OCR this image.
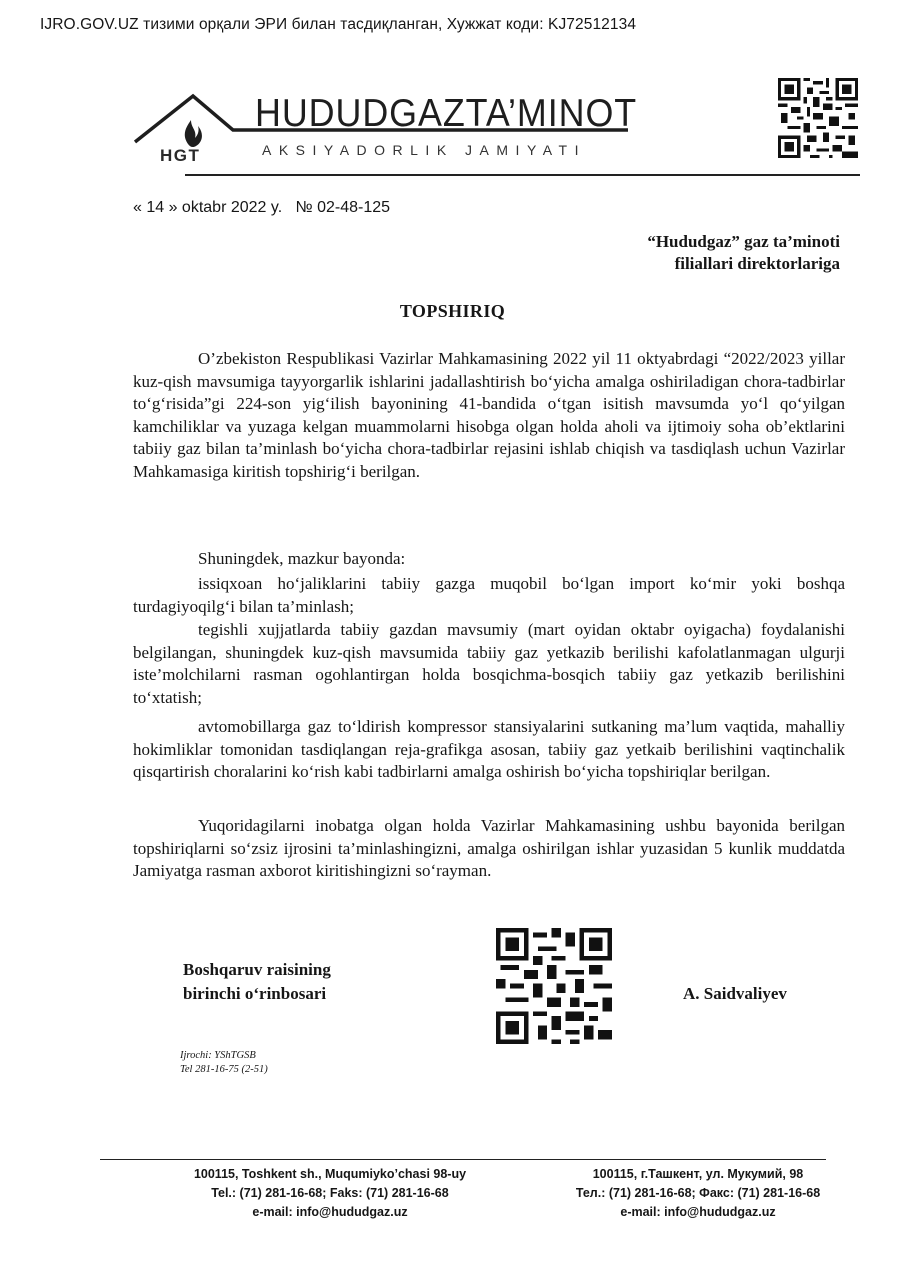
IJRO.GOV.UZ тизими орқали ЭРИ билан тасдиқланган, Хужжат коди: KJ72512134
HUDUDGAZTA’MINOT
AKSIYADORLIK JAMIYATI
HGT
« 14 » oktabr 2022 y.   № 02-48-125
“Hududgaz” gaz ta’minoti
filiallari direktorlariga
TOPSHIRIQ
O’zbekiston Respublikasi Vazirlar Mahkamasining 2022 yil 11 oktyabrdagi “2022/2023 yillar kuz-qish mavsumiga tayyorgarlik ishlarini jadallashtirish bo‘yicha amalga oshiriladigan chora-tadbirlar to‘g‘risida”gi 224-son yig‘ilish bayonining 41-bandida o‘tgan isitish mavsumda yo‘l qo‘yilgan kamchiliklar va yuzaga kelgan muammolarni hisobga olgan holda aholi va ijtimoiy soha ob’ektlarini tabiiy gaz bilan ta’minlash bo‘yicha chora-tadbirlar rejasini ishlab chiqish va tasdiqlash uchun Vazirlar Mahkamasiga kiritish topshirig‘i berilgan.
Shuningdek, mazkur bayonda:
issiqxoan ho‘jaliklarini tabiiy gazga muqobil bo‘lgan import ko‘mir yoki boshqa turdagiyoqilg‘i bilan ta’minlash;
tegishli xujjatlarda tabiiy gazdan mavsumiy (mart oyidan oktabr oyigacha) foydalanishi belgilangan, shuningdek kuz-qish mavsumida tabiiy gaz yetkazib berilishi kafolatlanmagan ulgurji iste’molchilarni rasman ogohlantirgan holda bosqichma-bosqich tabiiy gaz yetkazib berilishini to‘xtatish;
avtomobillarga gaz to‘ldirish kompressor stansiyalarini sutkaning ma’lum vaqtida, mahalliy hokimliklar tomonidan tasdiqlangan reja-grafikga asosan, tabiiy gaz yetkaib berilishini vaqtinchalik qisqartirish choralarini ko‘rish kabi tadbirlarni amalga oshirish bo‘yicha topshiriqlar berilgan.
Yuqoridagilarni inobatga olgan holda Vazirlar Mahkamasining ushbu bayonida berilgan topshiriqlarni so‘zsiz ijrosini ta’minlashingizni, amalga oshirilgan ishlar yuzasidan 5 kunlik muddatda Jamiyatga rasman axborot kiritishingizni so‘rayman.
Boshqaruv raisining
birinchi o‘rinbosari	A. Saidvaliyev
Ijrochi: YShTGSB
Tel 281-16-75 (2-51)
100115, Toshkent sh., Muqumiyko’chasi 98-uy
Tel.: (71) 281-16-68; Faks: (71) 281-16-68
e-mail: info@hududgaz.uz
100115, г.Ташкент, ул. Мукумий, 98
Тел.: (71) 281-16-68; Факс: (71) 281-16-68
e-mail: info@hududgaz.uz
